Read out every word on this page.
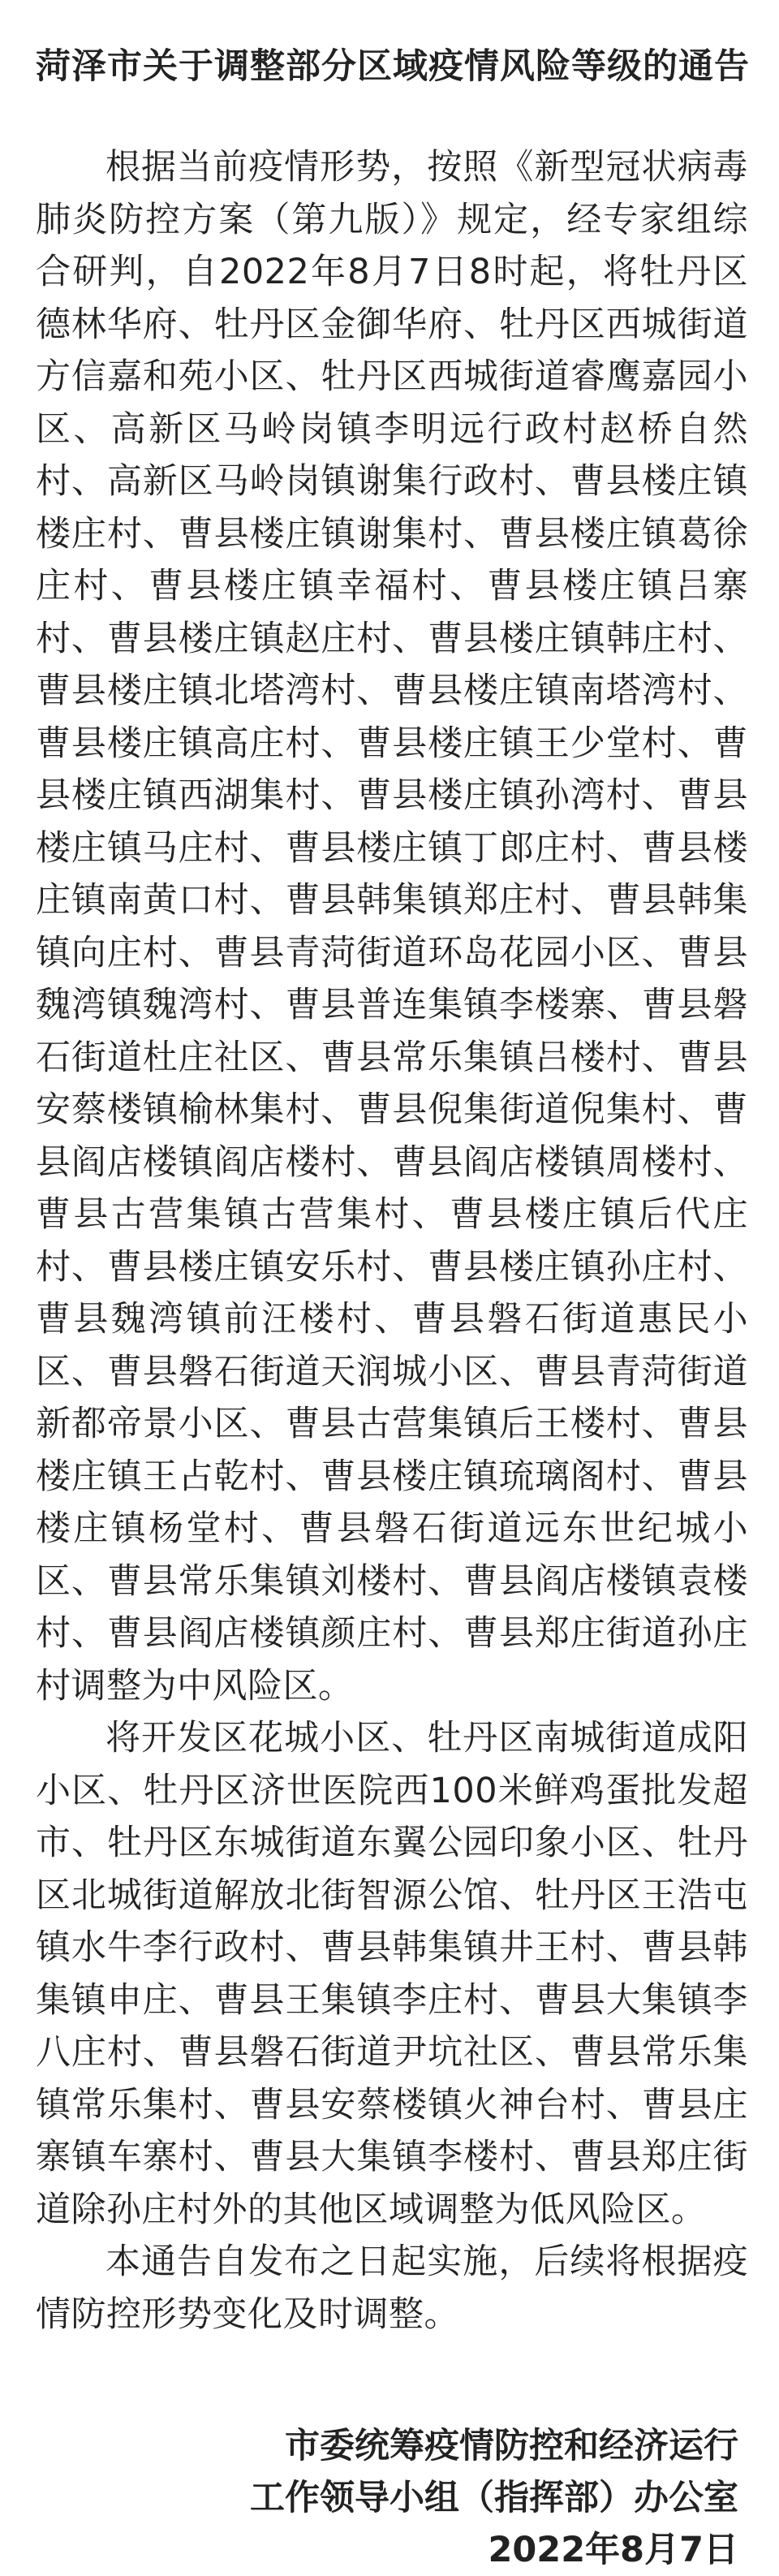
菏泽市关于调整部分区域疫情风险等级的通告

根据当前疫情形势，按照《新型冠状病毒肺炎防控方案（第九版）》规定，经专家组综合研判，自2022年8月7日8时起，将牡丹区德林华府、牡丹区金御华府、牡丹区西城街道方信嘉和苑小区、牡丹区西城街道睿鹰嘉园小区、高新区马岭岗镇李明远行政村赵桥自然村、高新区马岭岗镇谢集行政村、曹县楼庄镇楼庄村、曹县楼庄镇谢集村、曹县楼庄镇葛徐庄村、曹县楼庄镇幸福村、曹县楼庄镇吕寨村、曹县楼庄镇赵庄村、曹县楼庄镇韩庄村、曹县楼庄镇北塔湾村、曹县楼庄镇南塔湾村、曹县楼庄镇高庄村、曹县楼庄镇王少堂村、曹县楼庄镇西湖集村、曹县楼庄镇孙湾村、曹县楼庄镇马庄村、曹县楼庄镇丁郎庄村、曹县楼庄镇南黄口村、曹县韩集镇郑庄村、曹县韩集镇向庄村、曹县青菏街道环岛花园小区、曹县魏湾镇魏湾村、曹县普连集镇李楼寨、曹县磐石街道杜庄社区、曹县常乐集镇吕楼村、曹县安蔡楼镇榆林集村、曹县倪集街道倪集村、曹县阎店楼镇阎店楼村、曹县阎店楼镇周楼村、曹县古营集镇古营集村、曹县楼庄镇后代庄村、曹县楼庄镇安乐村、曹县楼庄镇孙庄村、曹县魏湾镇前汪楼村、曹县磐石街道惠民小区、曹县磐石街道天润城小区、曹县青菏街道新都帝景小区、曹县古营集镇后王楼村、曹县楼庄镇王占乾村、曹县楼庄镇琉璃阁村、曹县楼庄镇杨堂村、曹县磐石街道远东世纪城小区、曹县常乐集镇刘楼村、曹县阎店楼镇袁楼村、曹县阎店楼镇颜庄村、曹县郑庄街道孙庄村调整为中风险区。

将开发区花城小区、牡丹区南城街道成阳小区、牡丹区济世医院西100米鲜鸡蛋批发超市、牡丹区东城街道东翼公园印象小区、牡丹区北城街道解放北街智源公馆、牡丹区王浩屯镇水牛李行政村、曹县韩集镇井王村、曹县韩集镇申庄、曹县王集镇李庄村、曹县大集镇李八庄村、曹县磐石街道尹坑社区、曹县常乐集镇常乐集村、曹县安蔡楼镇火神台村、曹县庄寨镇车寨村、曹县大集镇李楼村、曹县郑庄街道除孙庄村外的其他区域调整为低风险区。

本通告自发布之日起实施，后续将根据疫情防控形势变化及时调整。

市委统筹疫情防控和经济运行
工作领导小组（指挥部）办公室
2022年8月7日
